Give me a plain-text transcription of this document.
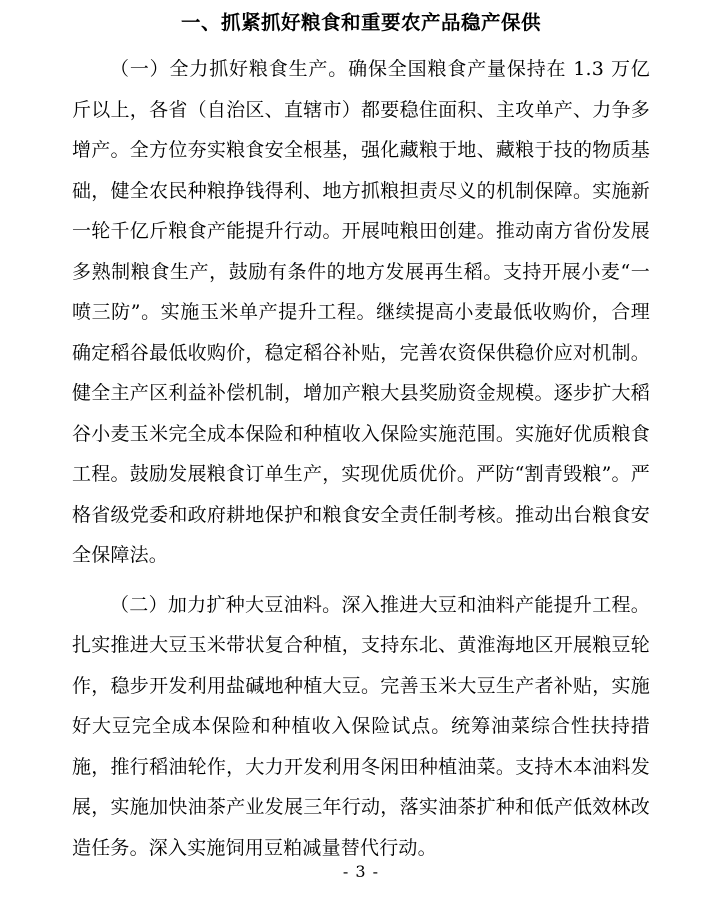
一、抓紧抓好粮食和重要农产品稳产保供

（一）全力抓好粮食生产。确保全国粮食产量保持在 1.3 万亿斤以上，各省（自治区、直辖市）都要稳住面积、主攻单产、力争多增产。全方位夯实粮食安全根基，强化藏粮于地、藏粮于技的物质基础，健全农民种粮挣钱得利、地方抓粮担责尽义的机制保障。实施新一轮千亿斤粮食产能提升行动。开展吨粮田创建。推动南方省份发展多熟制粮食生产，鼓励有条件的地方发展再生稻。支持开展小麦“一喷三防”。实施玉米单产提升工程。继续提高小麦最低收购价，合理确定稻谷最低收购价，稳定稻谷补贴，完善农资保供稳价应对机制。健全主产区利益补偿机制，增加产粮大县奖励资金规模。逐步扩大稻谷小麦玉米完全成本保险和种植收入保险实施范围。实施好优质粮食工程。鼓励发展粮食订单生产，实现优质优价。严防“割青毁粮”。严格省级党委和政府耕地保护和粮食安全责任制考核。推动出台粮食安全保障法。

（二）加力扩种大豆油料。深入推进大豆和油料产能提升工程。扎实推进大豆玉米带状复合种植，支持东北、黄淮海地区开展粮豆轮作，稳步开发利用盐碱地种植大豆。完善玉米大豆生产者补贴，实施好大豆完全成本保险和种植收入保险试点。统筹油菜综合性扶持措施，推行稻油轮作，大力开发利用冬闲田种植油菜。支持木本油料发展，实施加快油茶产业发展三年行动，落实油茶扩种和低产低效林改造任务。深入实施饲用豆粕减量替代行动。

- 3 -
